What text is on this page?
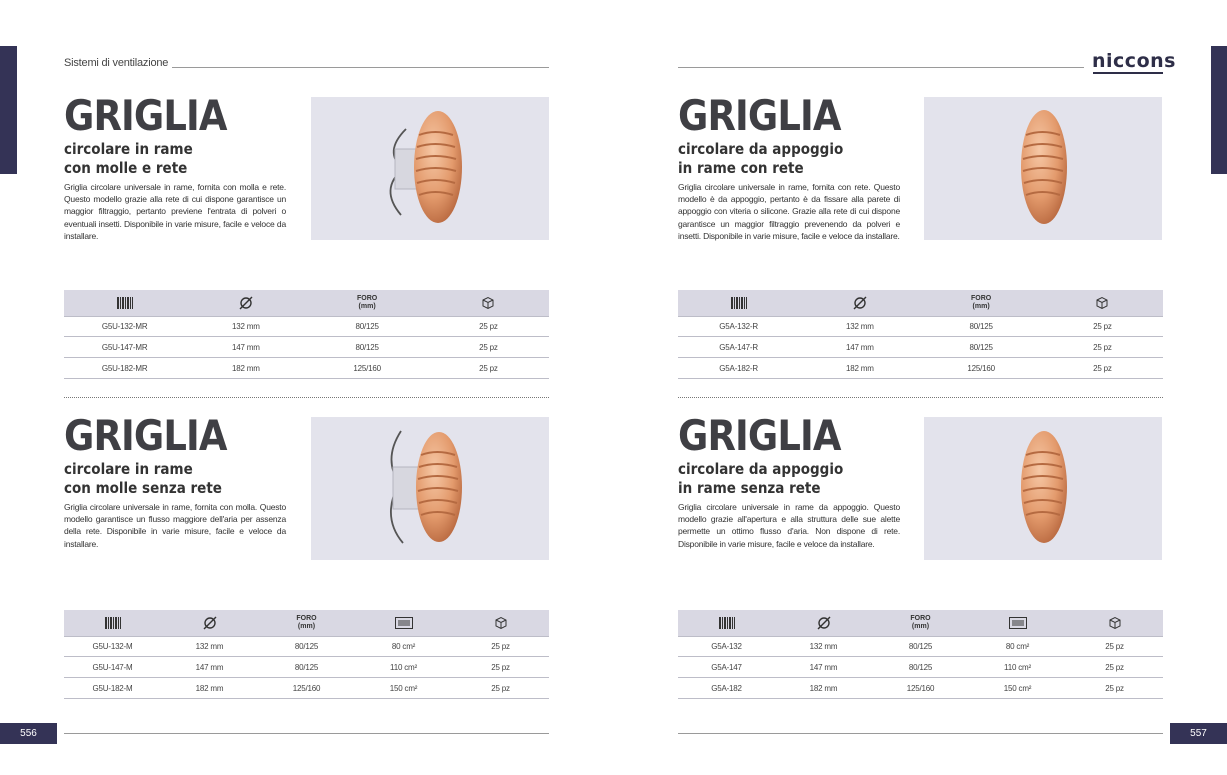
Sistemi di ventilazione	niccons
GRIGLIA
circolare in rame
con molle e rete
Griglia circolare universale in rame, fornita con molla e rete. Questo modello grazie alla rete di cui dispone garantisce un maggior filtraggio, pertanto previene l'entrata di polveri o eventuali insetti. Disponibile in varie misure, facile e veloce da installare.
GRIGLIA
circolare da appoggio
in rame con rete
Griglia circolare universale in rame, fornita con rete. Questo modello è da appoggio, pertanto è da fissare alla parete di appoggio con viteria o silicone. Grazie alla rete di cui dispone garantisce un maggior filtraggio prevenendo da polveri e insetti. Disponibile in varie misure, facile e veloce da installare.
GRIGLIA
circolare in rame
con molle senza rete
Griglia circolare universale in rame, fornita con molla. Questo modello garantisce un flusso maggiore dell'aria per assenza della rete. Disponibile in varie misure, facile e veloce da installare.
GRIGLIA
circolare da appoggio
in rame senza rete
Griglia circolare universale in rame da appoggio. Questo modello grazie all'apertura e alla struttura delle sue alette permette un ottimo flusso d'aria. Non dispone di rete. Disponibile in varie misure, facile e veloce da installare.
FORO
(mm)
G5U-132-MR	132 mm	80/125	25 pz
G5U-147-MR	147 mm	80/125	25 pz
G5U-182-MR	182 mm	125/160	25 pz
FORO
(mm)
G5A-132-R	132 mm	80/125	25 pz
G5A-147-R	147 mm	80/125	25 pz
G5A-182-R	182 mm	125/160	25 pz
FORO
(mm)
G5U-132-M	132 mm	80/125	80 cm²	25 pz
G5U-147-M	147 mm	80/125	110 cm²	25 pz
G5U-182-M	182 mm	125/160	150 cm²	25 pz
FORO
(mm)
G5A-132	132 mm	80/125	80 cm²	25 pz
G5A-147	147 mm	80/125	110 cm²	25 pz
G5A-182	182 mm	125/160	150 cm²	25 pz
556	557
